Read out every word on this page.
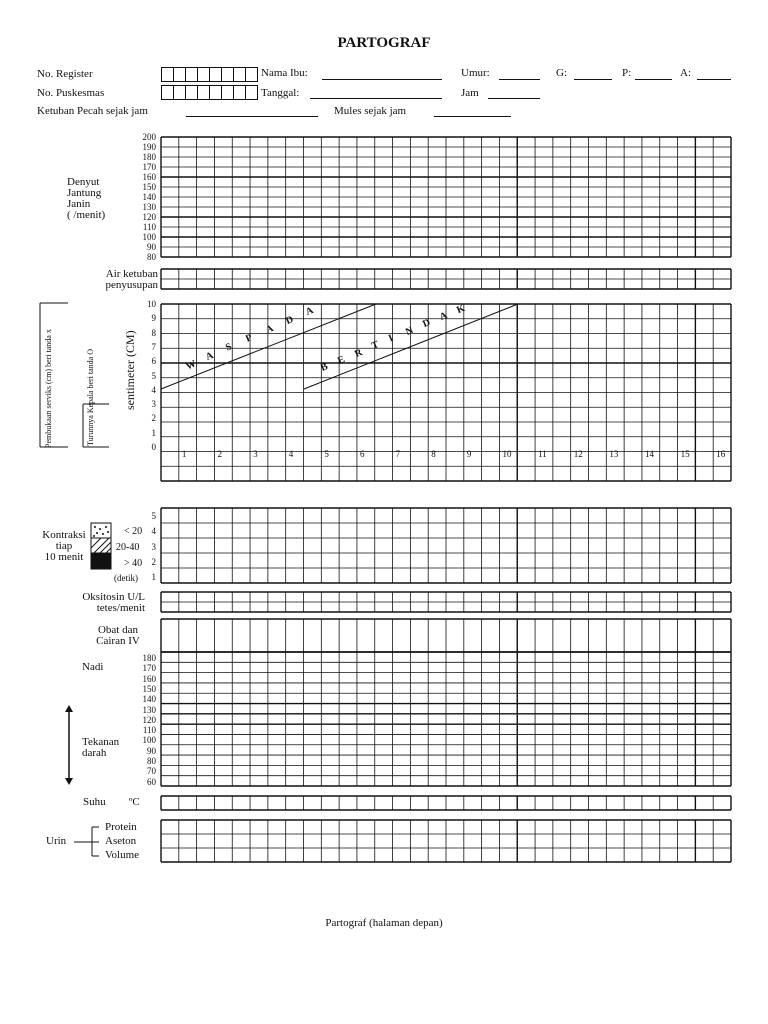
PARTOGRAF
No. Register
No. Puskesmas
Nama Ibu:
Tanggal:
Umur:
Jam
G:	P:	A:
Ketuban Pecah sejak jam	Mules sejak jam
Denyut
Jantung
Janin
( /menit)
200
190
180
170
160
150
140
130
120
110
100
90
80
Air ketuban
penyusupan
Pembukaan serviks (cm) beri tanda x	Turunnya Kepala beri tanda O sentimeter (CM)
10
9
8
7
6
5
4
3
2
1
0
1	2	3	4	5	6	7	8	9	10	11	12	13	14	15	16
W
A
S
P
A
D
A
B
E
R
T
I
N
D
A
K
Kontraksi
tiap
10 menit
< 20
20-40
> 40
(detik)
5
4
3
2
1
Oksitosin U/L
tetes/menit
Obat dan
Cairan IV
Nadi
Tekanan
darah
180
170
160
150
140
130
120
110
100
90
80
70
60
Suhu ºC
Urin
Protein
Aseton
Volume
Partograf (halaman depan)
